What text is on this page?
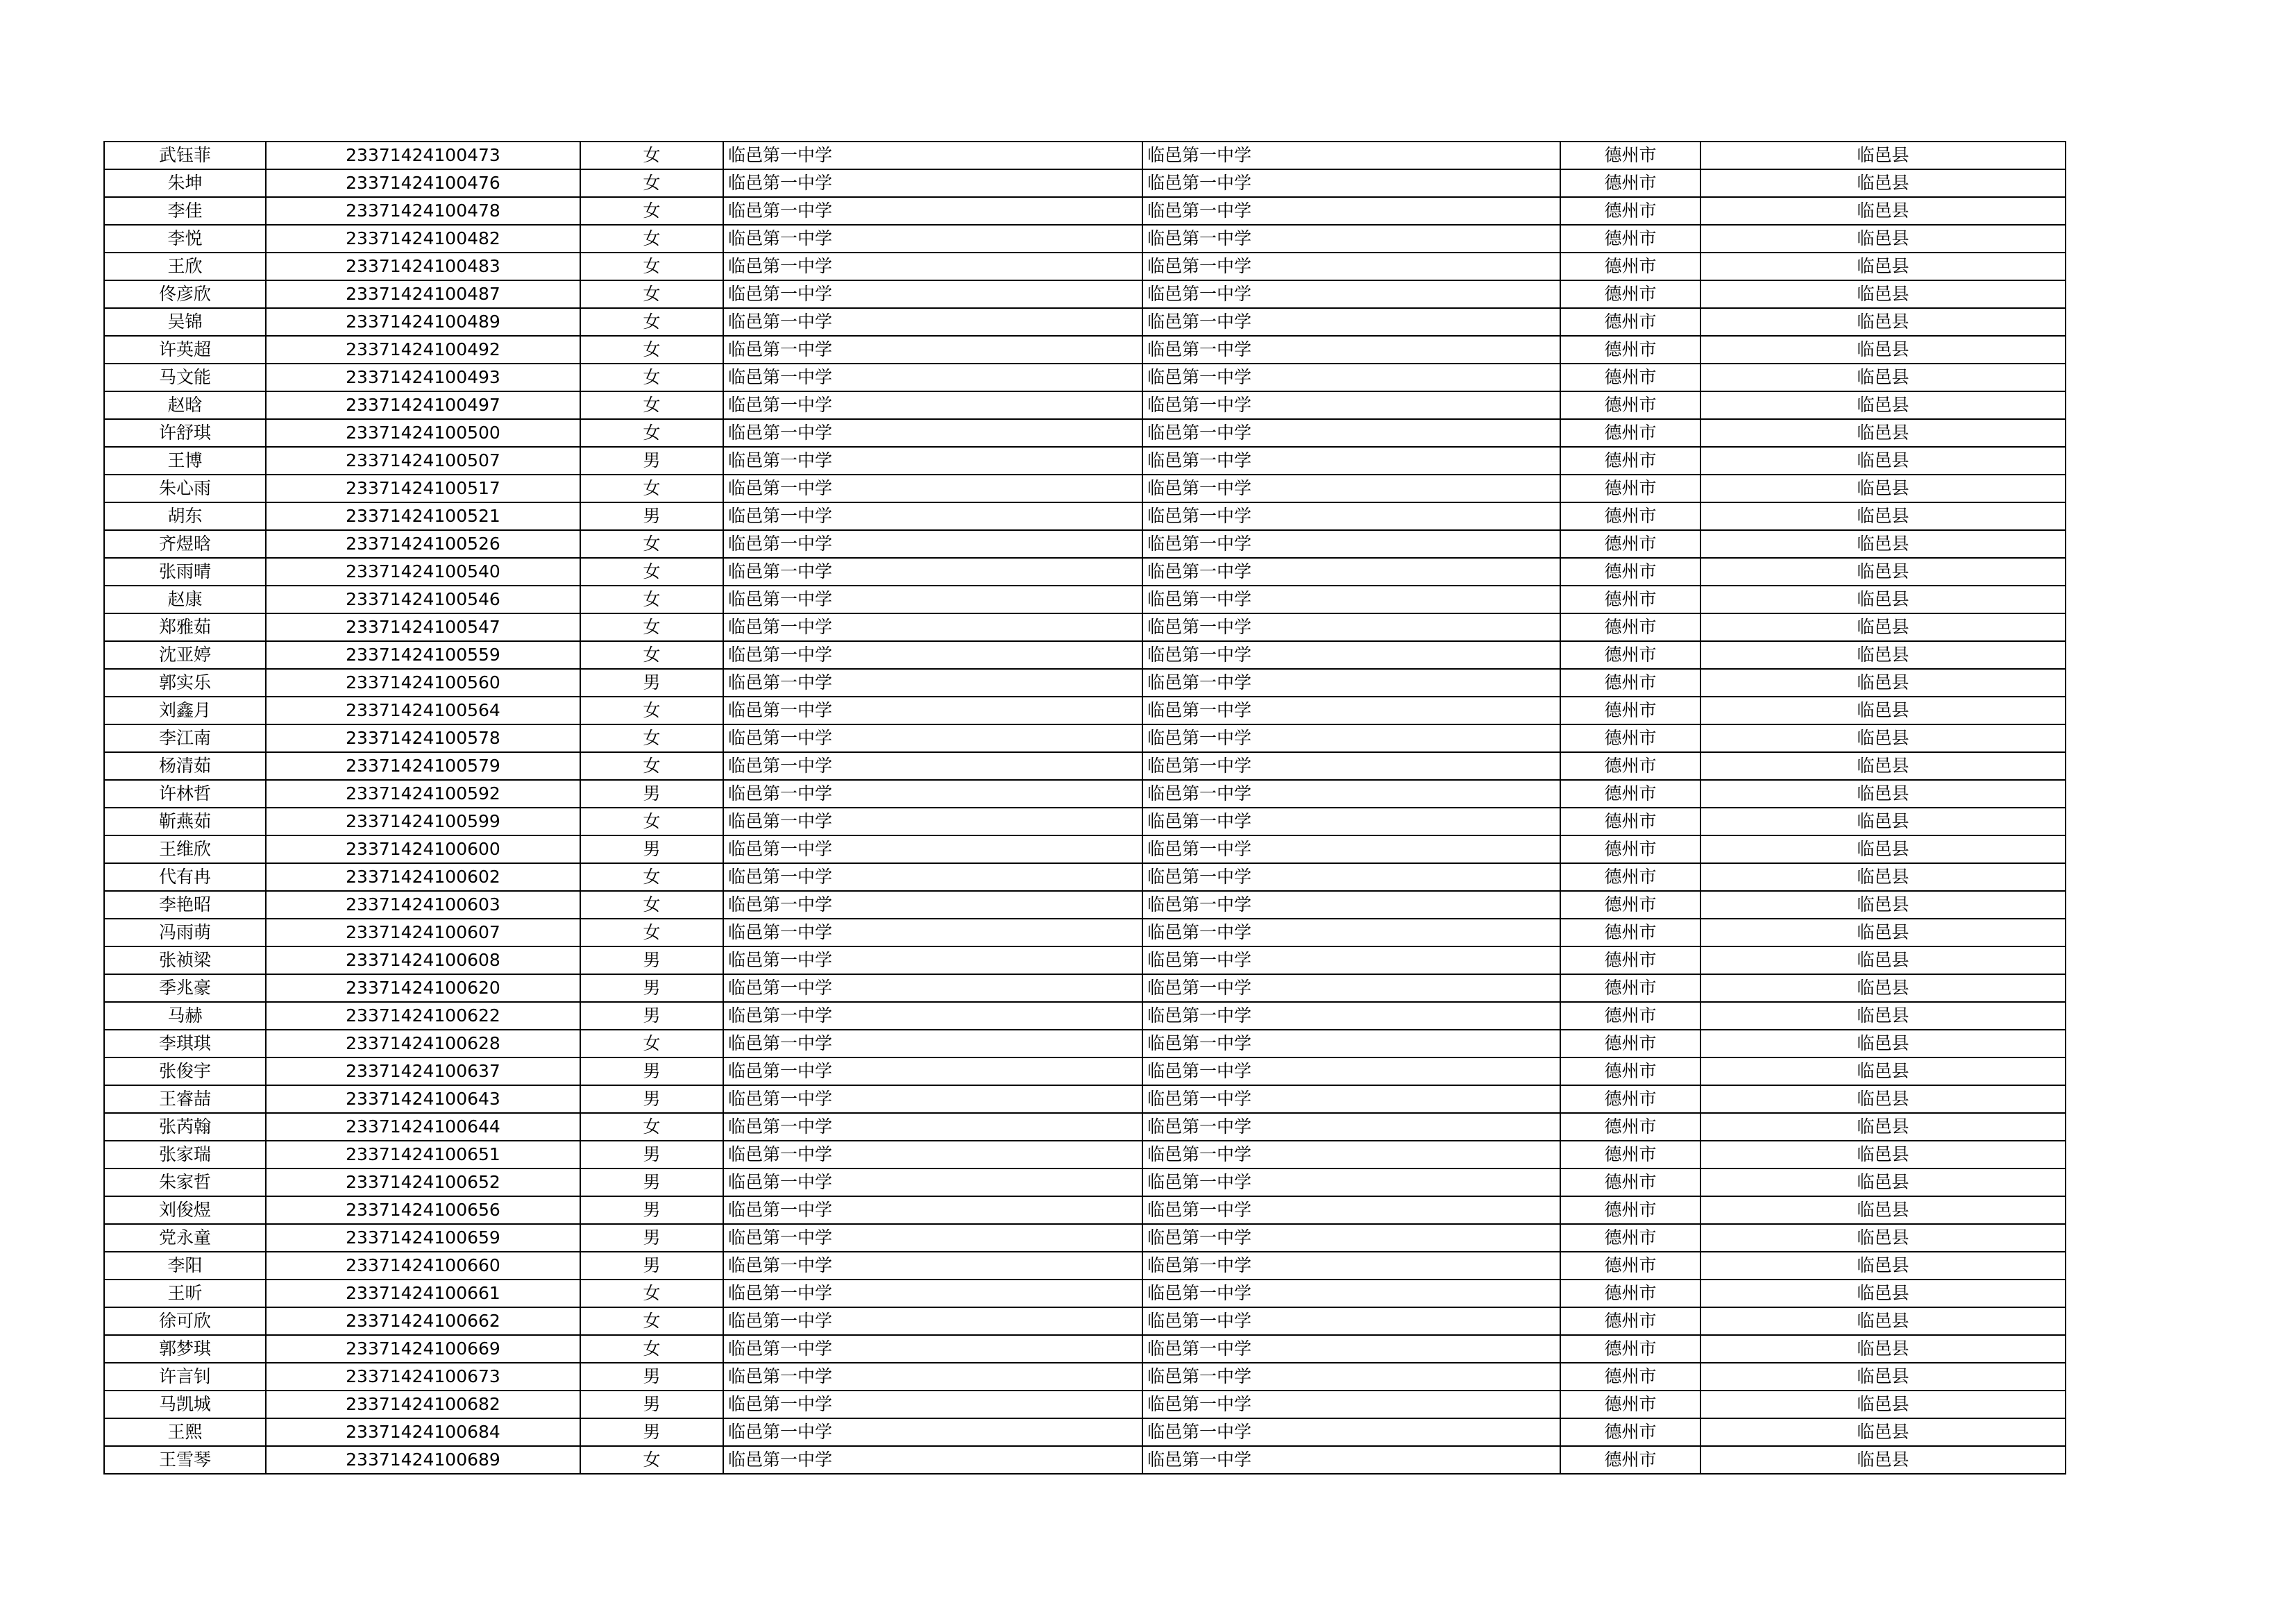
武钰菲	23371424100473	女	临邑第一中学	临邑第一中学	德州市	临邑县
朱坤	23371424100476	女	临邑第一中学	临邑第一中学	德州市	临邑县
李佳	23371424100478	女	临邑第一中学	临邑第一中学	德州市	临邑县
李悦	23371424100482	女	临邑第一中学	临邑第一中学	德州市	临邑县
王欣	23371424100483	女	临邑第一中学	临邑第一中学	德州市	临邑县
佟彦欣	23371424100487	女	临邑第一中学	临邑第一中学	德州市	临邑县
吴锦	23371424100489	女	临邑第一中学	临邑第一中学	德州市	临邑县
许英超	23371424100492	女	临邑第一中学	临邑第一中学	德州市	临邑县
马文能	23371424100493	女	临邑第一中学	临邑第一中学	德州市	临邑县
赵晗	23371424100497	女	临邑第一中学	临邑第一中学	德州市	临邑县
许舒琪	23371424100500	女	临邑第一中学	临邑第一中学	德州市	临邑县
王博	23371424100507	男	临邑第一中学	临邑第一中学	德州市	临邑县
朱心雨	23371424100517	女	临邑第一中学	临邑第一中学	德州市	临邑县
胡东	23371424100521	男	临邑第一中学	临邑第一中学	德州市	临邑县
齐煜晗	23371424100526	女	临邑第一中学	临邑第一中学	德州市	临邑县
张雨晴	23371424100540	女	临邑第一中学	临邑第一中学	德州市	临邑县
赵康	23371424100546	女	临邑第一中学	临邑第一中学	德州市	临邑县
郑雅茹	23371424100547	女	临邑第一中学	临邑第一中学	德州市	临邑县
沈亚婷	23371424100559	女	临邑第一中学	临邑第一中学	德州市	临邑县
郭实乐	23371424100560	男	临邑第一中学	临邑第一中学	德州市	临邑县
刘鑫月	23371424100564	女	临邑第一中学	临邑第一中学	德州市	临邑县
李江南	23371424100578	女	临邑第一中学	临邑第一中学	德州市	临邑县
杨清茹	23371424100579	女	临邑第一中学	临邑第一中学	德州市	临邑县
许林哲	23371424100592	男	临邑第一中学	临邑第一中学	德州市	临邑县
靳燕茹	23371424100599	女	临邑第一中学	临邑第一中学	德州市	临邑县
王维欣	23371424100600	男	临邑第一中学	临邑第一中学	德州市	临邑县
代有冉	23371424100602	女	临邑第一中学	临邑第一中学	德州市	临邑县
李艳昭	23371424100603	女	临邑第一中学	临邑第一中学	德州市	临邑县
冯雨萌	23371424100607	女	临邑第一中学	临邑第一中学	德州市	临邑县
张祯梁	23371424100608	男	临邑第一中学	临邑第一中学	德州市	临邑县
季兆豪	23371424100620	男	临邑第一中学	临邑第一中学	德州市	临邑县
马赫	23371424100622	男	临邑第一中学	临邑第一中学	德州市	临邑县
李琪琪	23371424100628	女	临邑第一中学	临邑第一中学	德州市	临邑县
张俊宇	23371424100637	男	临邑第一中学	临邑第一中学	德州市	临邑县
王睿喆	23371424100643	男	临邑第一中学	临邑第一中学	德州市	临邑县
张芮翰	23371424100644	女	临邑第一中学	临邑第一中学	德州市	临邑县
张家瑞	23371424100651	男	临邑第一中学	临邑第一中学	德州市	临邑县
朱家哲	23371424100652	男	临邑第一中学	临邑第一中学	德州市	临邑县
刘俊煜	23371424100656	男	临邑第一中学	临邑第一中学	德州市	临邑县
党永童	23371424100659	男	临邑第一中学	临邑第一中学	德州市	临邑县
李阳	23371424100660	男	临邑第一中学	临邑第一中学	德州市	临邑县
王昕	23371424100661	女	临邑第一中学	临邑第一中学	德州市	临邑县
徐可欣	23371424100662	女	临邑第一中学	临邑第一中学	德州市	临邑县
郭梦琪	23371424100669	女	临邑第一中学	临邑第一中学	德州市	临邑县
许言钊	23371424100673	男	临邑第一中学	临邑第一中学	德州市	临邑县
马凯城	23371424100682	男	临邑第一中学	临邑第一中学	德州市	临邑县
王熙	23371424100684	男	临邑第一中学	临邑第一中学	德州市	临邑县
王雪琴	23371424100689	女	临邑第一中学	临邑第一中学	德州市	临邑县
